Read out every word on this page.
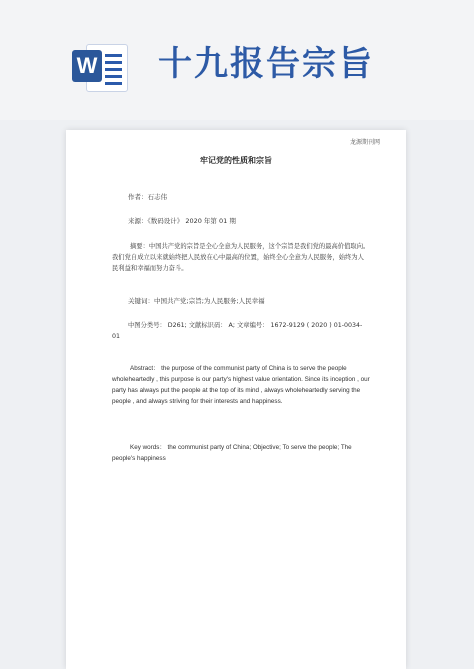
W 十九报告宗旨
龙源期刊网
牢记党的性质和宗旨
作者：石志伟
来源：《数码设计》 2020 年第 01 期
摘要：中国共产党的宗旨是全心全意为人民服务，这个宗旨是我们党的最高价值取向。我们党自成立以来就始终把人民放在心中最高的位置，始终全心全意为人民服务，始终为人民利益和幸福而努力奋斗。
关键词：中国共产党;宗旨;为人民服务;人民幸福
中图分类号： D261; 文献标识码： A; 文章编号： 1672-9129 ( 2020 ) 01-0034-01
Abstract： the purpose of the communist party of China is to serve the people wholeheartedly , this purpose is our party's highest value orientation. Since its inception , our party has always put the people at the top of its mind , always wholeheartedly serving the people , and always striving for their interests and happiness.
Key words： the communist party of China; Objective; To serve the people; The people's happiness
